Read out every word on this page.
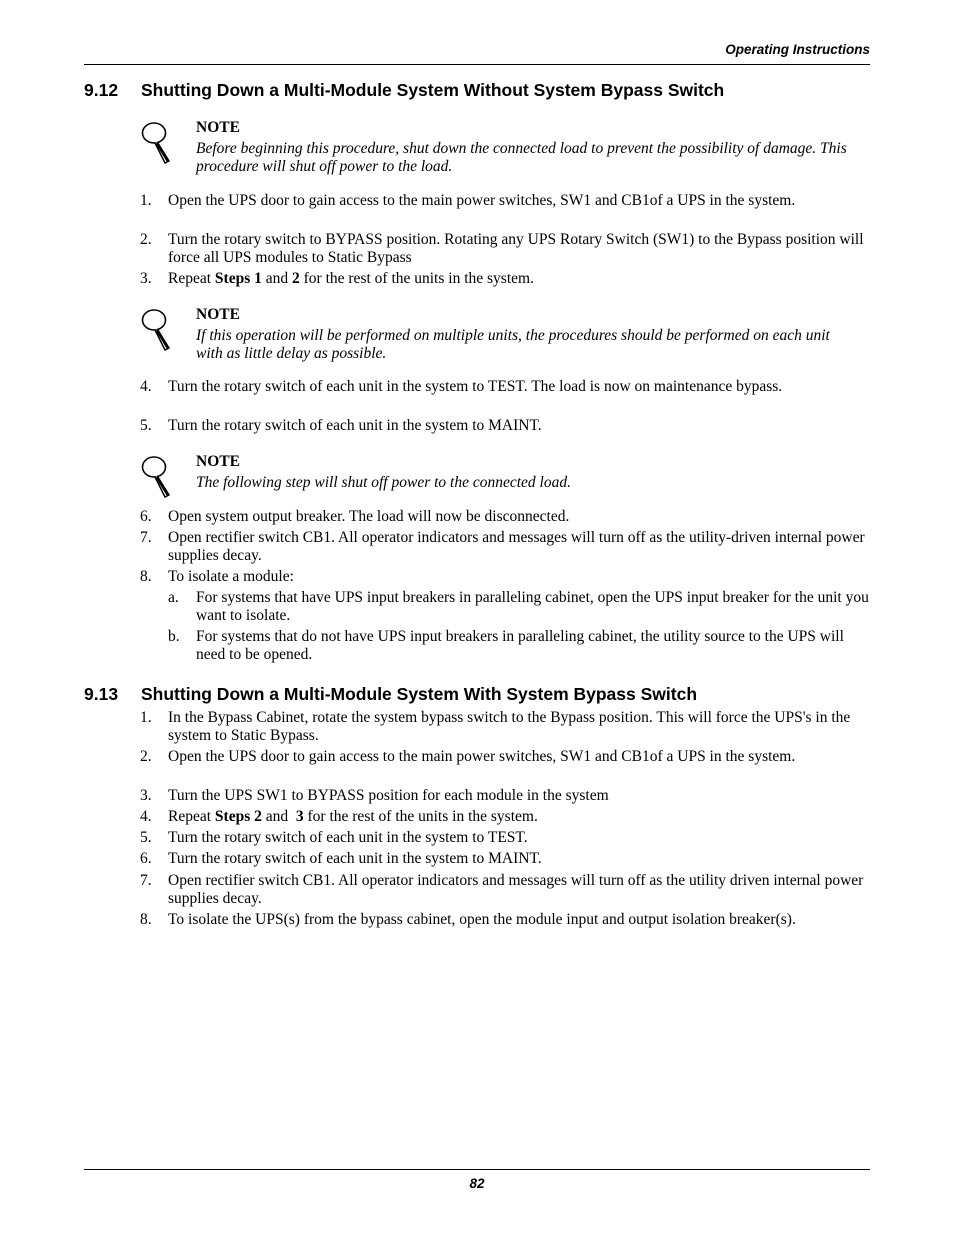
Operating Instructions
9.12 Shutting Down a Multi-Module System Without System Bypass Switch
NOTE
Before beginning this procedure, shut down the connected load to prevent the possibility of damage. This procedure will shut off power to the load.
1. Open the UPS door to gain access to the main power switches, SW1 and CB1of a UPS in the system.
2. Turn the rotary switch to BYPASS position. Rotating any UPS Rotary Switch (SW1) to the Bypass position will force all UPS modules to Static Bypass
3. Repeat Steps 1 and 2 for the rest of the units in the system.
NOTE
If this operation will be performed on multiple units, the procedures should be performed on each unit with as little delay as possible.
4. Turn the rotary switch of each unit in the system to TEST. The load is now on maintenance bypass.
5. Turn the rotary switch of each unit in the system to MAINT.
NOTE
The following step will shut off power to the connected load.
6. Open system output breaker. The load will now be disconnected.
7. Open rectifier switch CB1. All operator indicators and messages will turn off as the utility-driven internal power supplies decay.
8. To isolate a module:
a. For systems that have UPS input breakers in paralleling cabinet, open the UPS input breaker for the unit you want to isolate.
b. For systems that do not have UPS input breakers in paralleling cabinet, the utility source to the UPS will need to be opened.
9.13 Shutting Down a Multi-Module System With System Bypass Switch
1. In the Bypass Cabinet, rotate the system bypass switch to the Bypass position. This will force the UPS's in the system to Static Bypass.
2. Open the UPS door to gain access to the main power switches, SW1 and CB1of a UPS in the system.
3. Turn the UPS SW1 to BYPASS position for each module in the system
4. Repeat Steps 2 and  3 for the rest of the units in the system.
5. Turn the rotary switch of each unit in the system to TEST.
6. Turn the rotary switch of each unit in the system to MAINT.
7. Open rectifier switch CB1. All operator indicators and messages will turn off as the utility driven internal power supplies decay.
8. To isolate the UPS(s) from the bypass cabinet, open the module input and output isolation breaker(s).
82
